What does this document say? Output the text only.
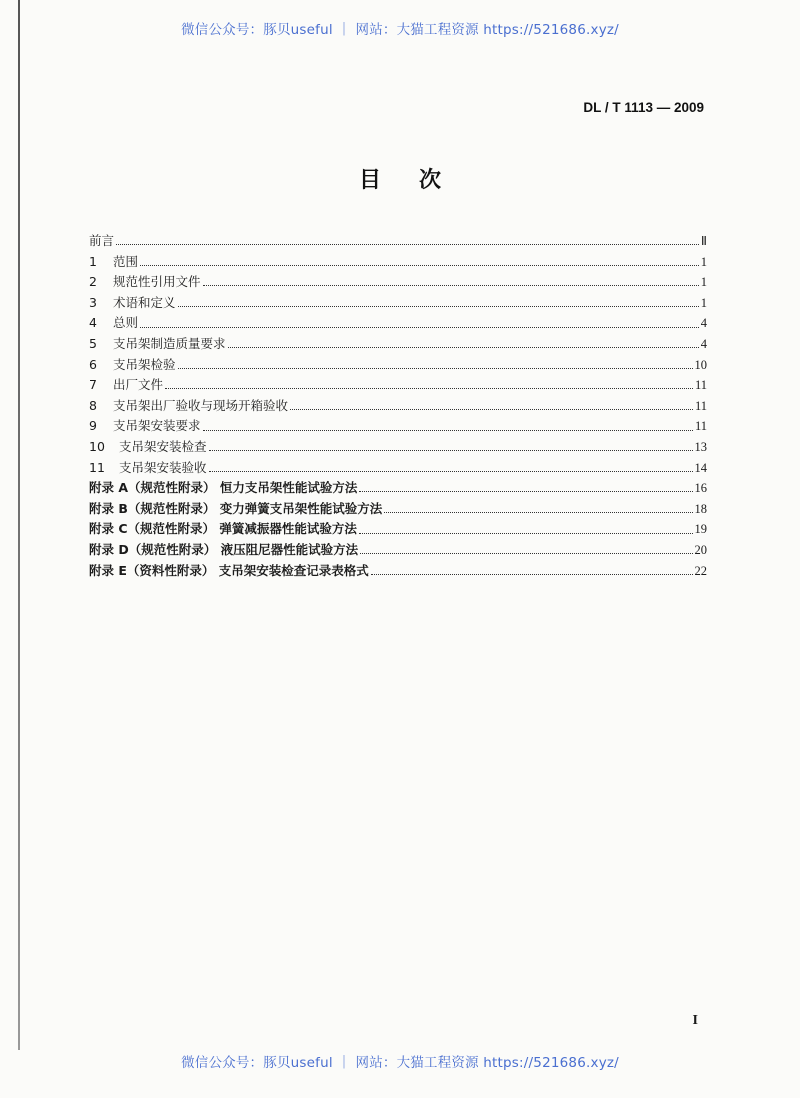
微信公众号：豚贝useful ｜ 网站：大猫工程资源 https://521686.xyz/
DL / T 1113 — 2009
目次
前言	Ⅱ
1	范围	1
2	规范性引用文件	1
3	术语和定义	1
4	总则	4
5	支吊架制造质量要求	4
6	支吊架检验	10
7	出厂文件	11
8	支吊架出厂验收与现场开箱验收	11
9	支吊架安装要求	11
10	支吊架安装检查	13
11	支吊架安装验收	14
附录 A（规范性附录） 恒力支吊架性能试验方法	16
附录 B（规范性附录） 变力弹簧支吊架性能试验方法	18
附录 C（规范性附录） 弹簧减振器性能试验方法	19
附录 D（规范性附录） 液压阻尼器性能试验方法	20
附录 E（资料性附录） 支吊架安装检查记录表格式	22
I
微信公众号：豚贝useful ｜ 网站：大猫工程资源 https://521686.xyz/
